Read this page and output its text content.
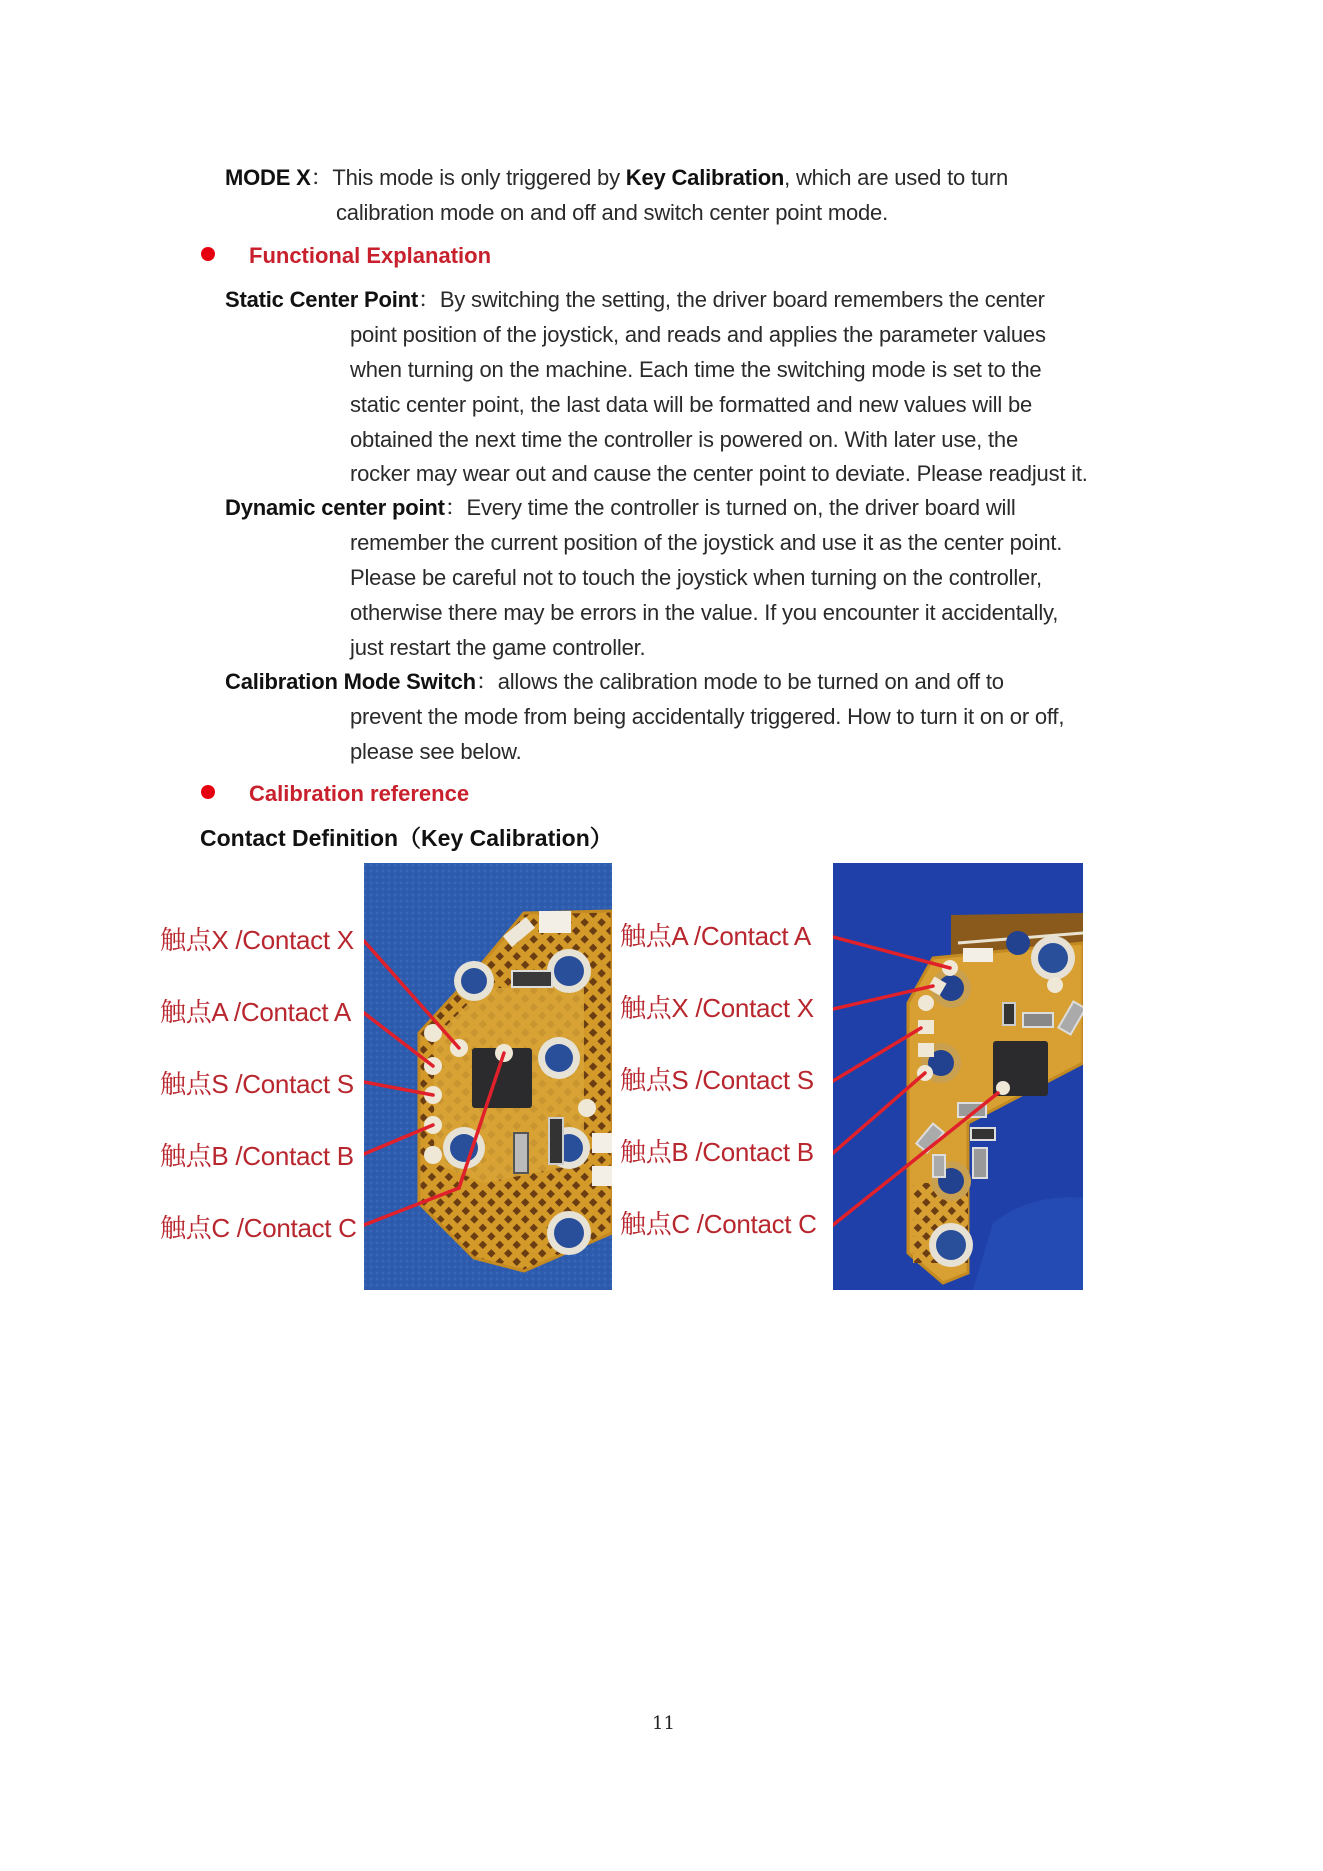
MODE X：This mode is only triggered by Key Calibration, which are used to turn
calibration mode on and off and switch center point mode.
Functional Explanation
Static Center Point：By switching the setting, the driver board remembers the center
point position of the joystick, and reads and applies the parameter values
when turning on the machine. Each time the switching mode is set to the
static center point, the last data will be formatted and new values will be
obtained the next time the controller is powered on. With later use, the
rocker may wear out and cause the center point to deviate. Please readjust it.
Dynamic center point：Every time the controller is turned on, the driver board will
remember the current position of the joystick and use it as the center point.
Please be careful not to touch the joystick when turning on the controller,
otherwise there may be errors in the value. If you encounter it accidentally,
just restart the game controller.
Calibration Mode Switch：allows the calibration mode to be turned on and off to
prevent the mode from being accidentally triggered. How to turn it on or off,
please see below.
Calibration reference
Contact Definition（Key Calibration）
触点X /Contact X
触点A /Contact A
触点S /Contact S
触点B /Contact B
触点C /Contact C
触点A /Contact A
触点X /Contact X
触点S /Contact S
触点B /Contact B
触点C /Contact C
11
